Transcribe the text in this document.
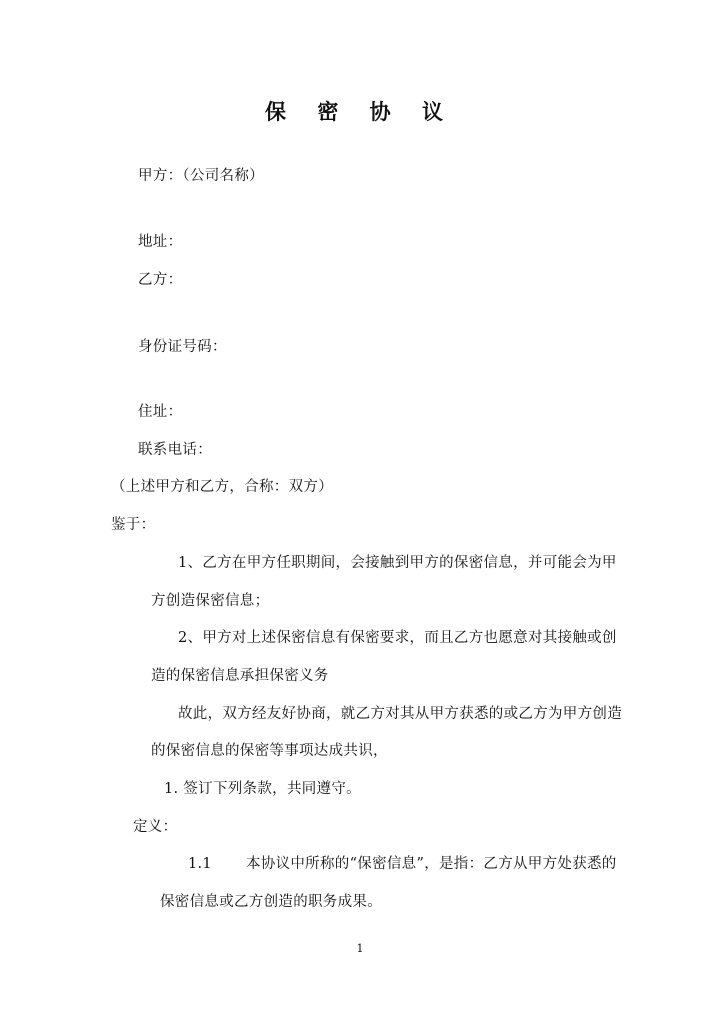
保 密 协 议
甲方：（公司名称）
地址：
乙方：
身份证号码：
住址：
联系电话：
（上述甲方和乙方，合称：双方）
鉴于：
1、乙方在甲方任职期间，会接触到甲方的保密信息，并可能会为甲
方创造保密信息；
2、甲方对上述保密信息有保密要求，而且乙方也愿意对其接触或创
造的保密信息承担保密义务
故此，双方经友好协商，就乙方对其从甲方获悉的或乙方为甲方创造
的保密信息的保密等事项达成共识，
1. 签订下列条款，共同遵守。
定义：
1.1 本协议中所称的“保密信息”，是指：乙方从甲方处获悉的
保密信息或乙方创造的职务成果。
1
